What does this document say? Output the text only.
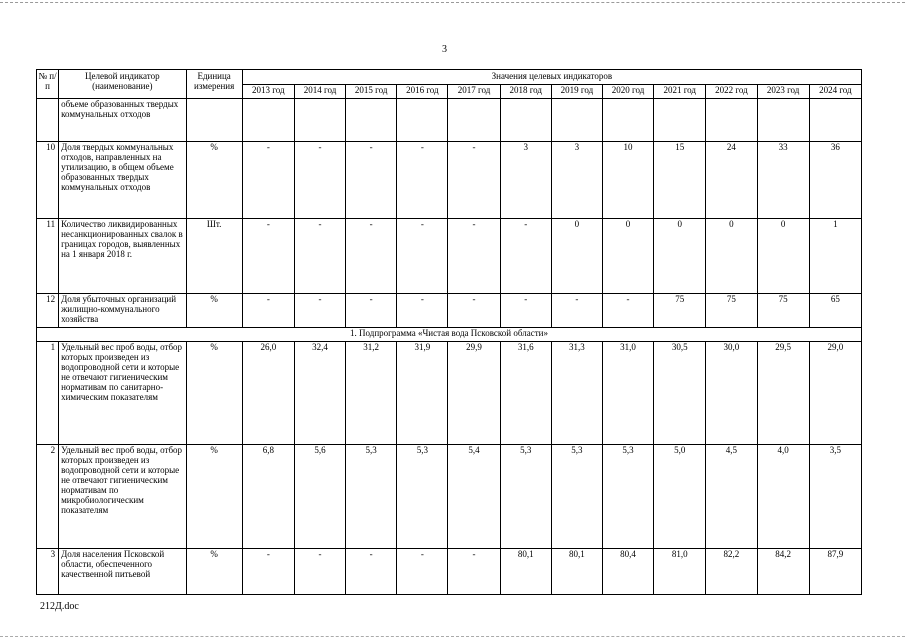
3
№ п/п	Целевой индикатор (наименование)	Единица измерения	Значения целевых индикаторов											
			2013 год	2014 год	2015 год	2016 год	2017 год	2018 год	2019 год	2020 год	2021 год	2022 год	2023 год	2024 год
	объеме образованных твердых коммунальных отходов													
10	Доля твердых коммунальных отходов, направленных на утилизацию, в общем объеме образованных твердых коммунальных отходов	%	-	-	-	-	-	3	3	10	15	24	33	36
11	Количество ликвидированных несанкционированных свалок в границах городов, выявленных на 1 января 2018 г.	Шт.	-	-	-	-	-	-	0	0	0	0	0	1
12	Доля убыточных организаций жилищно-коммунального хозяйства	%	-	-	-	-	-	-	-	-	75	75	75	65
1. Подпрограмма «Чистая вода Псковской области»														
1	Удельный вес проб воды, отбор которых произведен из водопроводной сети и которые не отвечают гигиеническим нормативам по санитарно-химическим показателям	%	26,0	32,4	31,2	31,9	29,9	31,6	31,3	31,0	30,5	30,0	29,5	29,0
2	Удельный вес проб воды, отбор которых произведен из водопроводной сети и которые не отвечают гигиеническим нормативам по микробиологическим показателям	%	6,8	5,6	5,3	5,3	5,4	5,3	5,3	5,3	5,0	4,5	4,0	3,5
3	Доля населения Псковской области, обеспеченного качественной питьевой	%	-	-	-	-	-	80,1	80,1	80,4	81,0	82,2	84,2	87,9
212Д.doc
